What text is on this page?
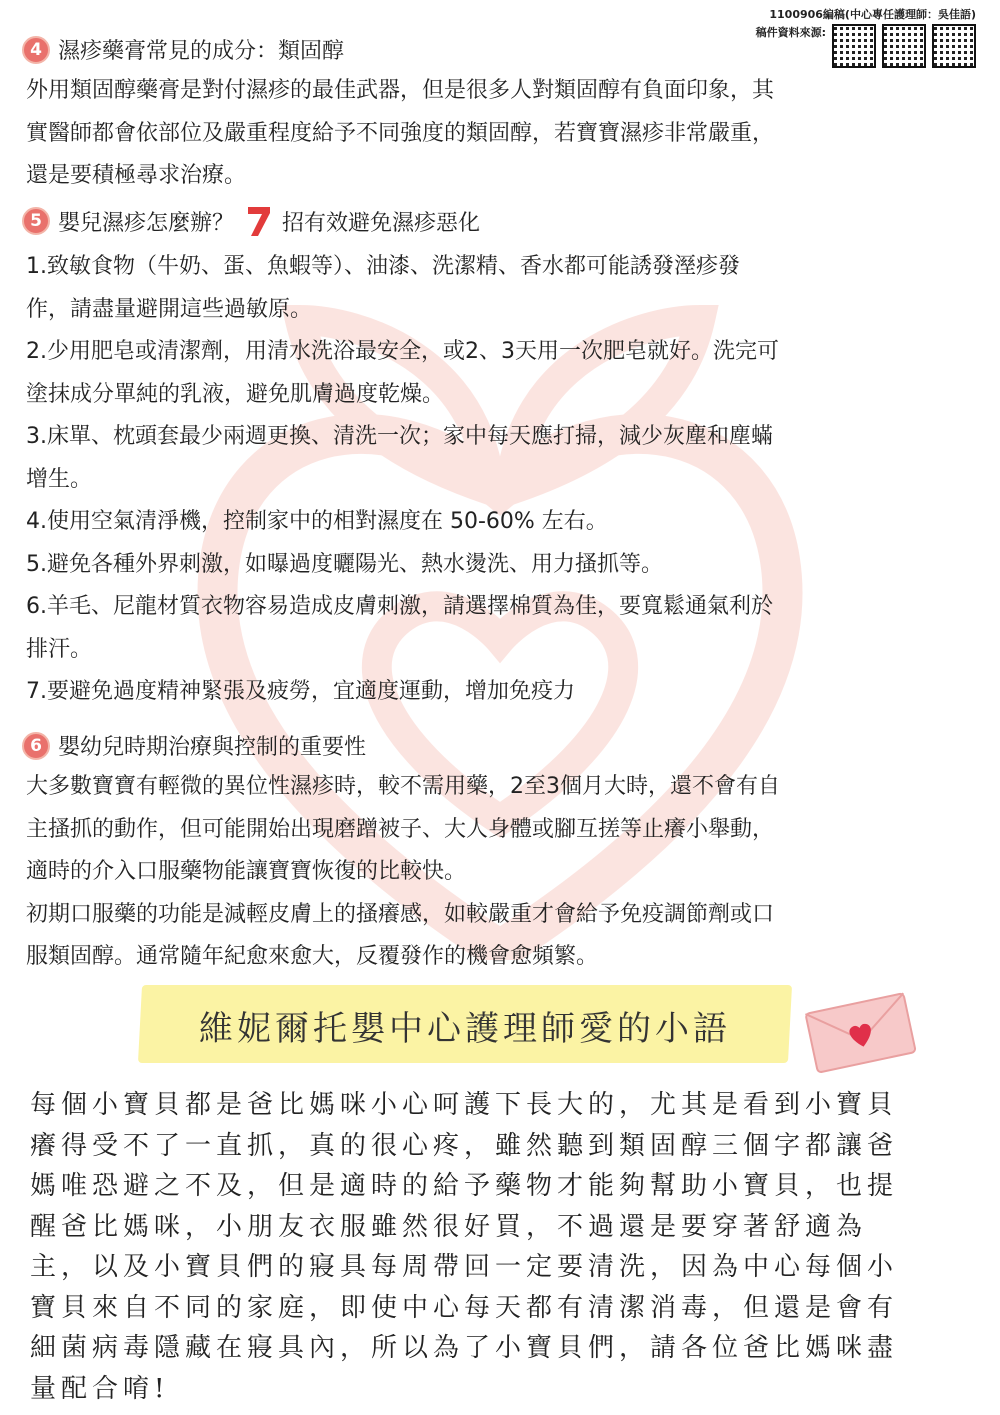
1100906編稿(中心專任護理師：吳佳語)
稿件資料來源:
4 濕疹藥膏常見的成分：類固醇

外用類固醇藥膏是對付濕疹的最佳武器，但是很多人對類固醇有負面印象，其

實醫師都會依部位及嚴重程度給予不同強度的類固醇，若寶寶濕疹非常嚴重，

還是要積極尋求治療。

5 嬰兒濕疹怎麼辦？ 招有效避免濕疹惡化

1.致敏食物（牛奶、蛋、魚蝦等）、油漆、洗潔精、香水都可能誘發溼疹發

作，請盡量避開這些過敏原。

2.少用肥皂或清潔劑，用清水洗浴最安全，或2、3天用一次肥皂就好。洗完可

塗抹成分單純的乳液，避免肌膚過度乾燥。

3.床單、枕頭套最少兩週更換、清洗一次；家中每天應打掃，減少灰塵和塵蟎

增生。

4.使用空氣清淨機，控制家中的相對濕度在 50-60% 左右。

5.避免各種外界刺激，如曝過度曬陽光、熱水燙洗、用力搔抓等。

6.羊毛、尼龍材質衣物容易造成皮膚刺激，請選擇棉質為佳，要寬鬆通氣利於

排汗。

7.要避免過度精神緊張及疲勞，宜適度運動，增加免疫力

6 嬰幼兒時期治療與控制的重要性

大多數寶寶有輕微的異位性濕疹時，較不需用藥，2至3個月大時，還不會有自

主搔抓的動作，但可能開始出現磨蹭被子、大人身體或腳互搓等止癢小舉動，

適時的介入口服藥物能讓寶寶恢復的比較快。

初期口服藥的功能是減輕皮膚上的搔癢感，如較嚴重才會給予免疫調節劑或口

服類固醇。通常隨年紀愈來愈大，反覆發作的機會愈頻繁。

維妮爾托嬰中心護理師愛的小語
每個小寶貝都是爸比媽咪小心呵護下長大的，尤其是看到小寶貝
癢得受不了一直抓，真的很心疼，雖然聽到類固醇三個字都讓爸
媽唯恐避之不及，但是適時的給予藥物才能夠幫助小寶貝，也提
醒爸比媽咪，小朋友衣服雖然很好買，不過還是要穿著舒適為
主，以及小寶貝們的寢具每周帶回一定要清洗，因為中心每個小
寶貝來自不同的家庭，即使中心每天都有清潔消毒，但還是會有
細菌病毒隱藏在寢具內，所以為了小寶貝們，請各位爸比媽咪盡
量配合唷!
